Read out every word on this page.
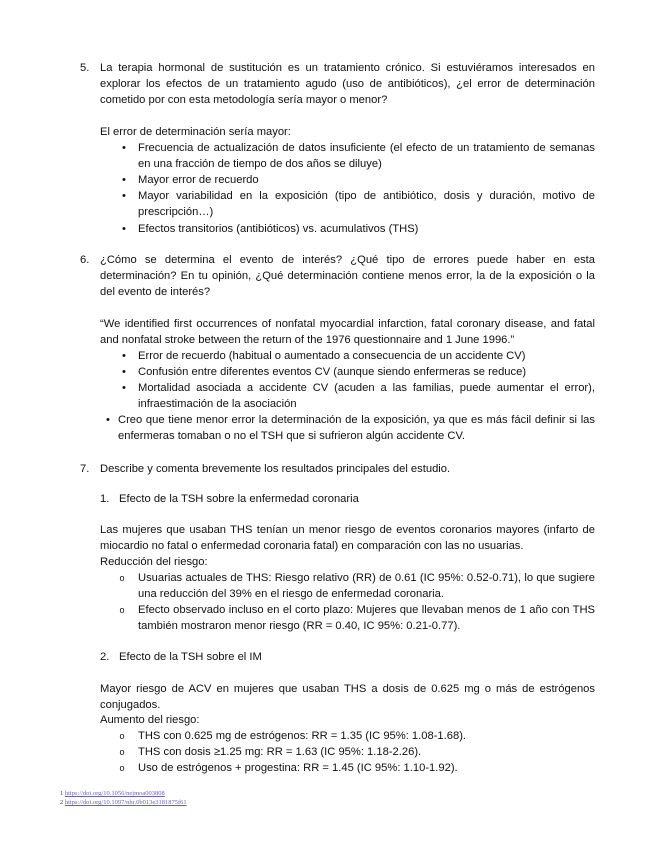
5. La terapia hormonal de sustitución es un tratamiento crónico. Si estuviéramos interesados en explorar los efectos de un tratamiento agudo (uso de antibióticos), ¿el error de determinación cometido por con esta metodología sería mayor o menor?
El error de determinación sería mayor:
• Frecuencia de actualización de datos insuficiente (el efecto de un tratamiento de semanas en una fracción de tiempo de dos años se diluye)
• Mayor error de recuerdo
• Mayor variabilidad en la exposición (tipo de antibiótico, dosis y duración, motivo de prescripción…)
• Efectos transitorios (antibióticos) vs. acumulativos (THS)
6. ¿Cómo se determina el evento de interés? ¿Qué tipo de errores puede haber en esta determinación? En tu opinión, ¿Qué determinación contiene menos error, la de la exposición o la del evento de interés?
“We identified first occurrences of nonfatal myocardial infarction, fatal coronary disease, and fatal and nonfatal stroke between the return of the 1976 questionnaire and 1 June 1996.”
• Error de recuerdo (habitual o aumentado a consecuencia de un accidente CV)
• Confusión entre diferentes eventos CV (aunque siendo enfermeras se reduce)
• Mortalidad asociada a accidente CV (acuden a las familias, puede aumentar el error), infraestimación de la asociación
• Creo que tiene menor error la determinación de la exposición, ya que es más fácil definir si las enfermeras tomaban o no el TSH que si sufrieron algún accidente CV.
7. Describe y comenta brevemente los resultados principales del estudio.
1. Efecto de la TSH sobre la enfermedad coronaria
Las mujeres que usaban THS tenían un menor riesgo de eventos coronarios mayores (infarto de miocardio no fatal o enfermedad coronaria fatal) en comparación con las no usuarias.
Reducción del riesgo:
o Usuarias actuales de THS: Riesgo relativo (RR) de 0.61 (IC 95%: 0.52-0.71), lo que sugiere una reducción del 39% en el riesgo de enfermedad coronaria.
o Efecto observado incluso en el corto plazo: Mujeres que llevaban menos de 1 año con THS también mostraron menor riesgo (RR = 0.40, IC 95%: 0.21-0.77).
2. Efecto de la TSH sobre el IM
Mayor riesgo de ACV en mujeres que usaban THS a dosis de 0.625 mg o más de estrógenos conjugados.
Aumento del riesgo:
o THS con 0.625 mg de estrógenos: RR = 1.35 (IC 95%: 1.08-1.68).
o THS con dosis ≥1.25 mg: RR = 1.63 (IC 95%: 1.18-2.26).
o Uso de estrógenos + progestina: RR = 1.45 (IC 95%: 1.10-1.92).
1 https://doi.org/10.1056/nejmoa003808
2 https://doi.org/10.1097/nhr.0b013e3181875f61
